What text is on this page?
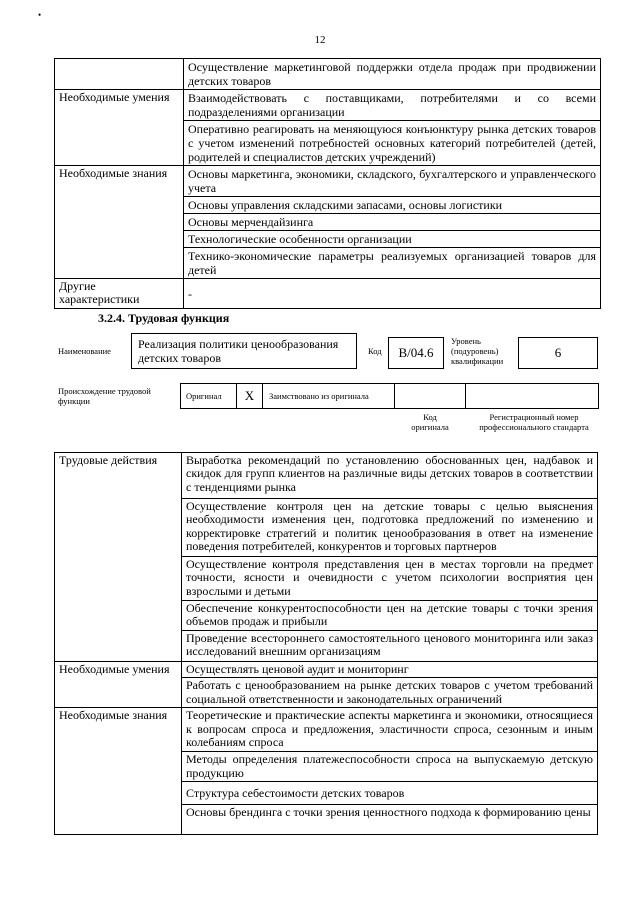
•
12
	Осуществление маркетинговой поддержки отдела продаж при продвижении детских товаров
Необходимые умения	Взаимодействовать с поставщиками, потребителями и со всеми подразделениями организации
	Оперативно реагировать на меняющуюся конъюнктуру рынка детских товаров с учетом изменений потребностей основных категорий потребителей (детей, родителей и специалистов детских учреждений)
Необходимые знания	Основы маркетинга, экономики, складского, бухгалтерского и управленческого учета
	Основы управления складскими запасами, основы логистики
	Основы мерчендайзинга
	Технологические особенности организации
	Технико-экономические параметры реализуемых организацией товаров для детей
Другие характеристики	-
3.2.4. Трудовая функция
Наименование	Реализация политики ценообразования детских товаров	Код	B/04.6
Уровень (подуровень) квалификации
6
Происхождение трудовой функции	Оригинал	X	Заимствовано из оригинала
Код оригинала
Регистрационный номер профессионального стандарта
Трудовые действия	Выработка рекомендаций по установлению обоснованных цен, надбавок и скидок для групп клиентов на различные виды детских товаров в соответствии с тенденциями рынка
	Осуществление контроля цен на детские товары с целью выяснения необходимости изменения цен, подготовка предложений по изменению и корректировке стратегий и политик ценообразования в ответ на изменение поведения потребителей, конкурентов и торговых партнеров
	Осуществление контроля представления цен в местах торговли на предмет точности, ясности и очевидности с учетом психологии восприятия цен взрослыми и детьми
	Обеспечение конкурентоспособности цен на детские товары с точки зрения объемов продаж и прибыли
	Проведение всестороннего самостоятельного ценового мониторинга или заказ исследований внешним организациям
Необходимые умения	Осуществлять ценовой аудит и мониторинг
	Работать с ценообразованием на рынке детских товаров с учетом требований социальной ответственности и законодательных ограничений
Необходимые знания	Теоретические и практические аспекты маркетинга и экономики, относящиеся к вопросам спроса и предложения, эластичности спроса, сезонным и иным колебаниям спроса
	Методы определения платежеспособности спроса на выпускаемую детскую продукцию
	Структура себестоимости детских товаров
	Основы брендинга с точки зрения ценностного подхода к формированию цены
